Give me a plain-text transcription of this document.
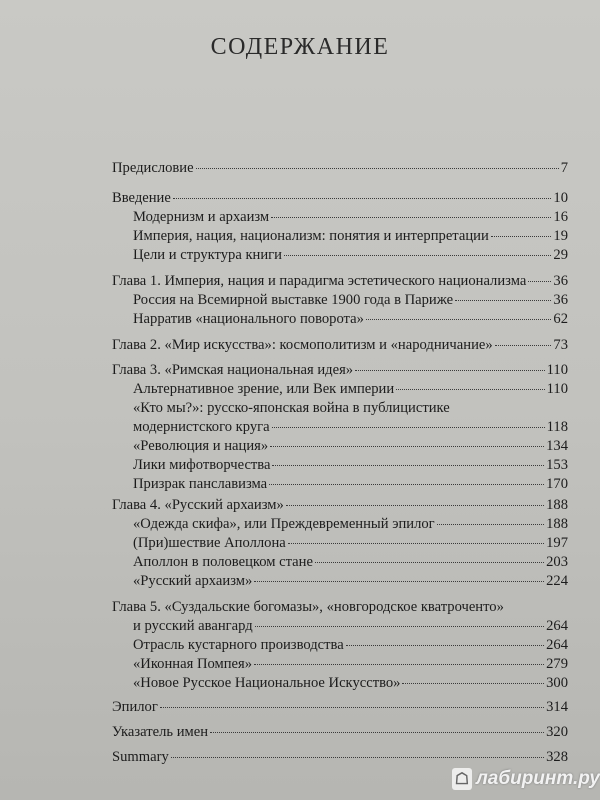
СОДЕРЖАНИЕ
Предисловие	7
Введение	10
Модернизм и архаизм	16
Империя, нация, национализм: понятия и интерпретации	19
Цели и структура книги	29
Глава 1. Империя, нация и парадигма эстетического национализма 36
Россия на Всемирной выставке 1900 года в Париже	36
Нарратив «национального поворота»	62
Глава 2. «Мир искусства»: космополитизм и «народничание»	73
Глава 3. «Римская национальная идея»	110
Альтернативное зрение, или Век империи	110
«Кто мы?»: русско-японская война в публицистике
модернистского круга	118
«Революция и нация»	134
Лики мифотворчества	153
Призрак панславизма	170
Глава 4. «Русский архаизм»	188
«Одежда скифа», или Преждевременный эпилог	188
(При)шествие Аполлона	197
Аполлон в половецком стане	203
«Русский архаизм»	224
Глава 5. «Суздальские богомазы», «новгородское кватроченто»
и русский авангард	264
Отрасль кустарного производства	264
«Иконная Помпея»	279
«Новое Русское Национальное Искусство»	300
Эпилог	314
Указатель имен	320
Summary	328
☖ лабиринт.ру
